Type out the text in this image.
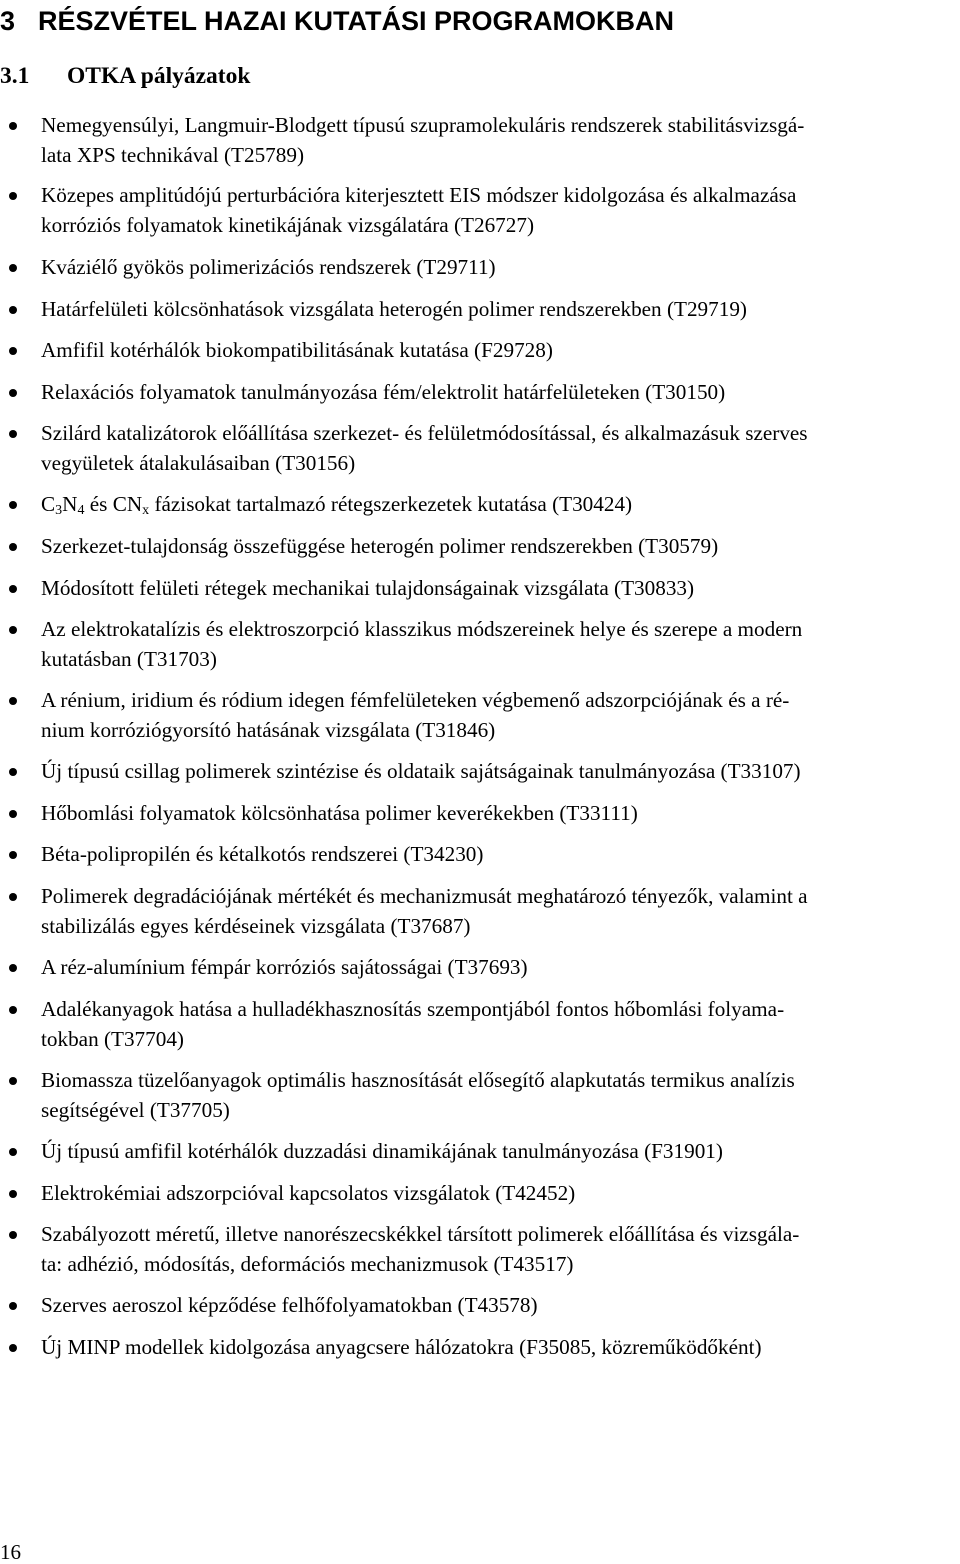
3 RÉSZVÉTEL HAZAI KUTATÁSI PROGRAMOKBAN
3.1 OTKA pályázatok
Nemegyensúlyi, Langmuir-Blodgett típusú szupramolekuláris rendszerek stabilitásvizsgá-
lata XPS technikával (T25789)
Közepes amplitúdójú perturbációra kiterjesztett EIS módszer kidolgozása és alkalmazása
korróziós folyamatok kinetikájának vizsgálatára (T26727)
Kváziélő gyökös polimerizációs rendszerek (T29711)
Határfelületi kölcsönhatások vizsgálata heterogén polimer rendszerekben (T29719)
Amfifil kotérhálók biokompatibilitásának kutatása (F29728)
Relaxációs folyamatok tanulmányozása fém/elektrolit határfelületeken (T30150)
Szilárd katalizátorok előállítása szerkezet- és felületmódosítással, és alkalmazásuk szerves
vegyületek átalakulásaiban (T30156)
$C_3N_4$ és $CN_x$ fázisokat tartalmazó rétegszerkezetek kutatása (T30424)
Szerkezet-tulajdonság összefüggése heterogén polimer rendszerekben (T30579)
Módosított felületi rétegek mechanikai tulajdonságainak vizsgálata (T30833)
Az elektrokatalízis és elektroszorpció klasszikus módszereinek helye és szerepe a modern
kutatásban (T31703)
A rénium, iridium és ródium idegen fémfelületeken végbemenő adszorpciójának és a ré-
nium korróziógyorsító hatásának vizsgálata (T31846)
Új típusú csillag polimerek szintézise és oldataik sajátságainak tanulmányozása (T33107)
Hőbomlási folyamatok kölcsönhatása polimer keverékekben (T33111)
Béta-polipropilén és kétalkotós rendszerei (T34230)
Polimerek degradációjának mértékét és mechanizmusát meghatározó tényezők, valamint a
stabilizálás egyes kérdéseinek vizsgálata (T37687)
A réz-alumínium fémpár korróziós sajátosságai (T37693)
Adalékanyagok hatása a hulladékhasznosítás szempontjából fontos hőbomlási folyama-
tokban (T37704)
Biomassza tüzelőanyagok optimális hasznosítását elősegítő alapkutatás termikus analízis
segítségével (T37705)
Új típusú amfifil kotérhálók duzzadási dinamikájának tanulmányozása (F31901)
Elektrokémiai adszorpcióval kapcsolatos vizsgálatok (T42452)
Szabályozott méretű, illetve nanorészecskékkel társított polimerek előállítása és vizsgála-
ta: adhézió, módosítás, deformációs mechanizmusok (T43517)
Szerves aeroszol képződése felhőfolyamatokban (T43578)
Új MINP modellek kidolgozása anyagcsere hálózatokra (F35085, közreműködőként)
16
